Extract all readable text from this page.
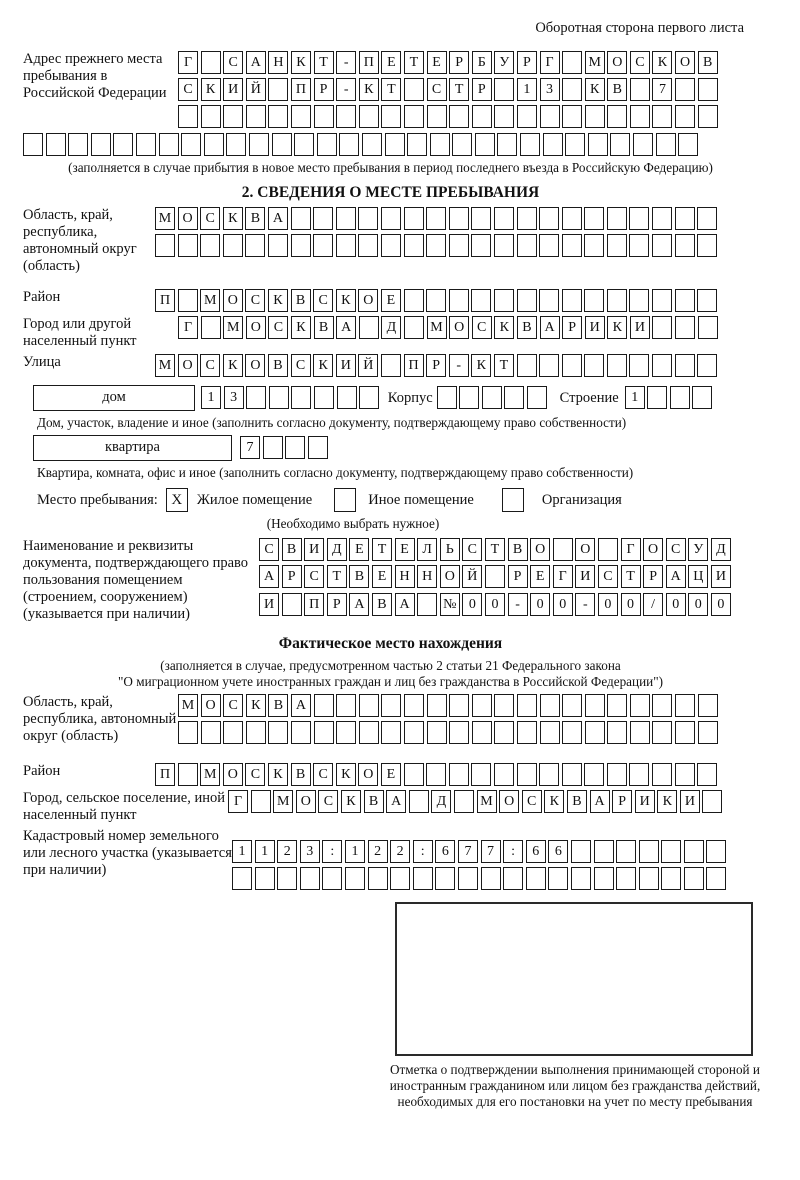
Оборотная сторона первого листа
Адрес прежнего места пребывания в Российской Федерации
Г	С А Н К Т - П Е Т Е Р Б У Р Г М О С К О В
С К И Й	П Р - К Т	С Т Р	1 3	К В	7
(заполняется в случае прибытия в новое место пребывания в период последнего въезда в Российскую Федерацию)
2. СВЕДЕНИЯ О МЕСТЕ ПРЕБЫВАНИЯ
Область, край, республика, автономный округ (область)
М О С К В А
Район	П М О С К В С К О Е
Город или другой населенный пункт
Г М О С К В А	Д М О С К В А Р И К И
Улица	М О С К О В С К И Й	П Р - К Т
дом	1 3	Корпус	Строение 1
Дом, участок, владение и иное (заполнить согласно документу, подтверждающему право собственности)
квартира	7
Квартира, комната, офис и иное (заполнить согласно документу, подтверждающему право собственности)
Место пребывания: X	Жилое помещение	Иное помещение	Организация
(Необходимо выбрать нужное)
Наименование и реквизиты документа, подтверждающего право пользования помещением (строением, сооружением) (указывается при наличии)
С В И Д Е Т Е Л Ь С Т В О	О	Г О С У Д
А Р С Т В Е Н Н О Й	Р Е Г И С Т Р А Ц И
И	П Р А В А № 0 0 - 0 0 - 0 0 / 0 0 0
Фактическое место нахождения
(заполняется в случае, предусмотренном частью 2 статьи 21 Федерального закона
"О миграционном учете иностранных граждан и лиц без гражданства в Российской Федерации")
Область, край, республика, автономный округ (область)
М О С К В А
Район	П М О С К В С К О Е
Город, сельское поселение, иной населенный пункт
Г М О С К В А	Д М О С К В А Р И К И
Кадастровый номер земельного или лесного участка (указывается при наличии)
1 1 2 3 : 1 2 2 : 6 7 7 : 6 6
Отметка о подтверждении выполнения принимающей стороной и иностранным гражданином или лицом без гражданства действий, необходимых для его постановки на учет по месту пребывания
